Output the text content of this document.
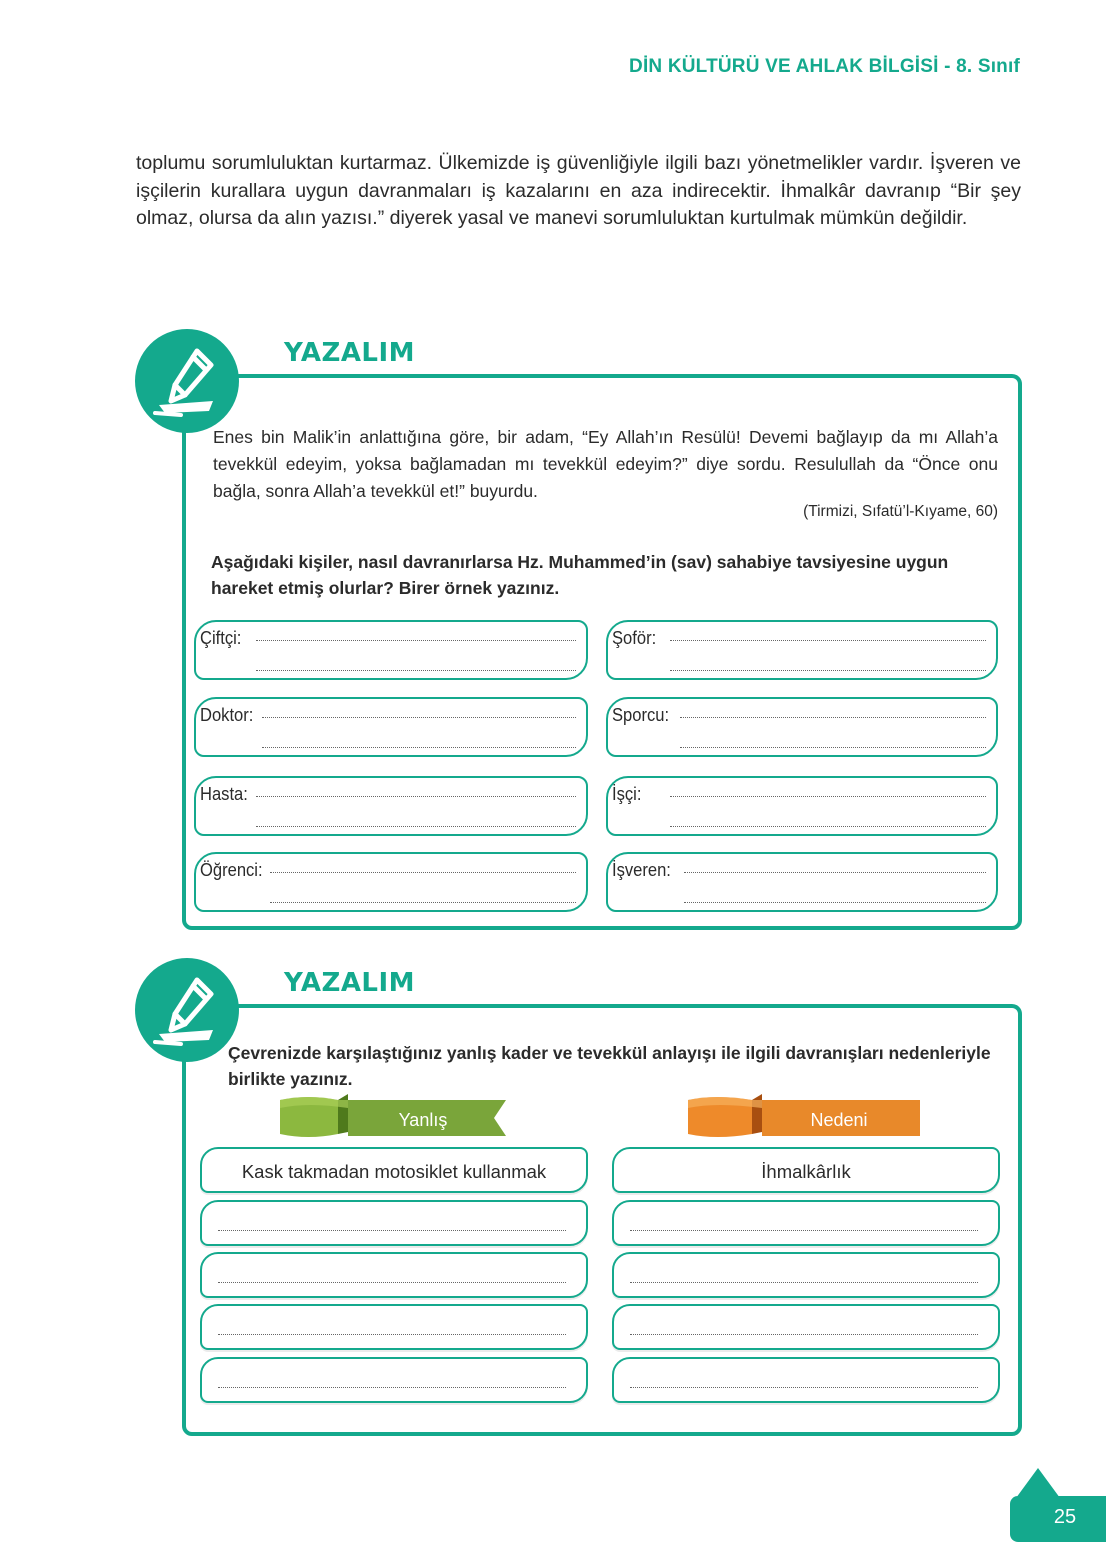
DİN KÜLTÜRÜ VE AHLAK BİLGİSİ - 8. Sınıf
toplumu sorumluluktan kurtarmaz. Ülkemizde iş güvenliğiyle ilgili bazı yönetmelikler vardır. İşveren ve işçilerin kurallara uygun davranmaları iş kazalarını en aza indirecektir. İhmalkâr davranıp “Bir şey olmaz, olursa da alın yazısı.” diyerek yasal ve manevi sorumluluktan kurtulmak mümkün değildir.
YAZALIM
Enes bin Malik’in anlattığına göre, bir adam, “Ey Allah’ın Resülü! Devemi bağlayıp da mı Allah’a tevekkül edeyim, yoksa bağlamadan mı tevekkül edeyim?” diye sordu. Resulullah da “Önce onu bağla, sonra Allah’a tevekkül et!” buyurdu.
(Tirmizi, Sıfatü’l-Kıyame, 60)
Aşağıdaki kişiler, nasıl davranırlarsa Hz. Muhammed’in (sav) sahabiye tavsiyesine uygun hareket etmiş olurlar? Birer örnek yazınız.
Çiftçi:
Doktor:
Hasta:
Öğrenci:
Şoför:
Sporcu:
İşçi:
İşveren:
YAZALIM
Çevrenizde karşılaştığınız yanlış kader ve tevekkül anlayışı ile ilgili davranışları nedenleriyle birlikte yazınız.
Yanlış	Nedeni
Kask takmadan motosiklet kullanmak	İhmalkârlık
25
